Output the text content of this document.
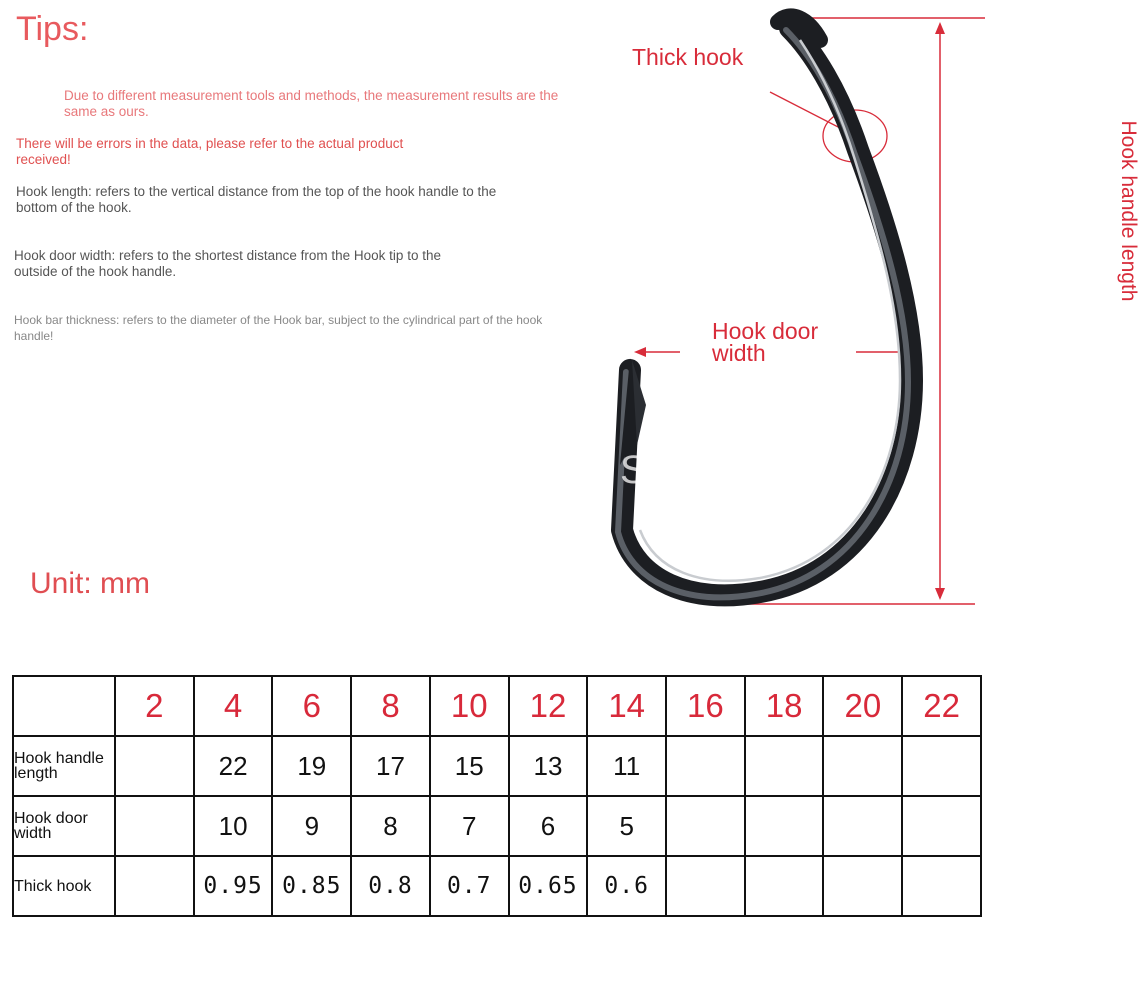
Tips:
Due to different measurement tools and methods, the measurement results are the same as ours.
There will be errors in the data, please refer to the actual product received!
Hook length: refers to the vertical distance from the top of the hook handle to the bottom of the hook.
Hook door width: refers to the shortest distance from the Hook tip to the outside of the hook handle.
Hook bar thickness: refers to the diameter of the Hook bar, subject to the cylindrical part of the hook handle!
Unit: mm
Thick hook
Hook door width
Hook handle length
S
	2	4	6	8	10	12	14	16	18	20	22
Hook handle length		22	19	17	15	13	11				
Hook door width		10	9	8	7	6	5				
Thick hook		0.95	0.85	0.8	0.7	0.65	0.6				
